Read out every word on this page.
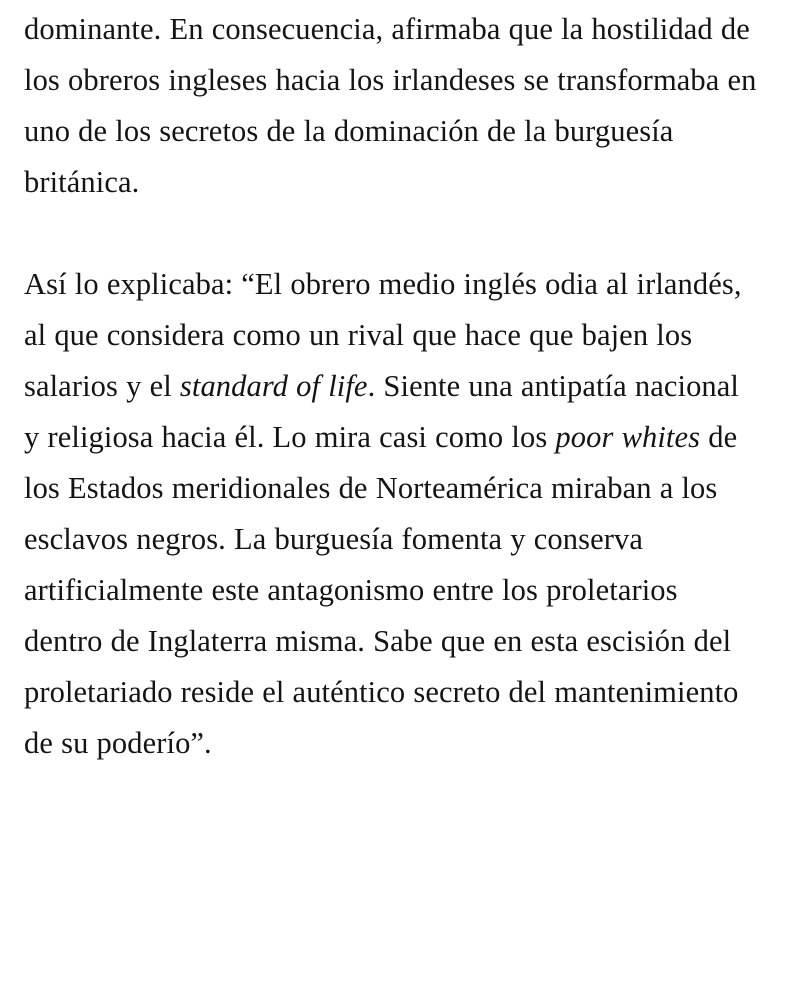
dominante. En consecuencia, afirmaba que la hostilidad de los obreros ingleses hacia los irlandeses se transformaba en uno de los secretos de la dominación de la burguesía británica.

Así lo explicaba: “El obrero medio inglés odia al irlandés, al que considera como un rival que hace que bajen los salarios y el standard of life. Siente una antipatía nacional y religiosa hacia él. Lo mira casi como los poor whites de los Estados meridionales de Norteamérica miraban a los esclavos negros. La burguesía fomenta y conserva artificialmente este antagonismo entre los proletarios dentro de Inglaterra misma. Sabe que en esta escisión del proletariado reside el auténtico secreto del mantenimiento de su poderío”.
